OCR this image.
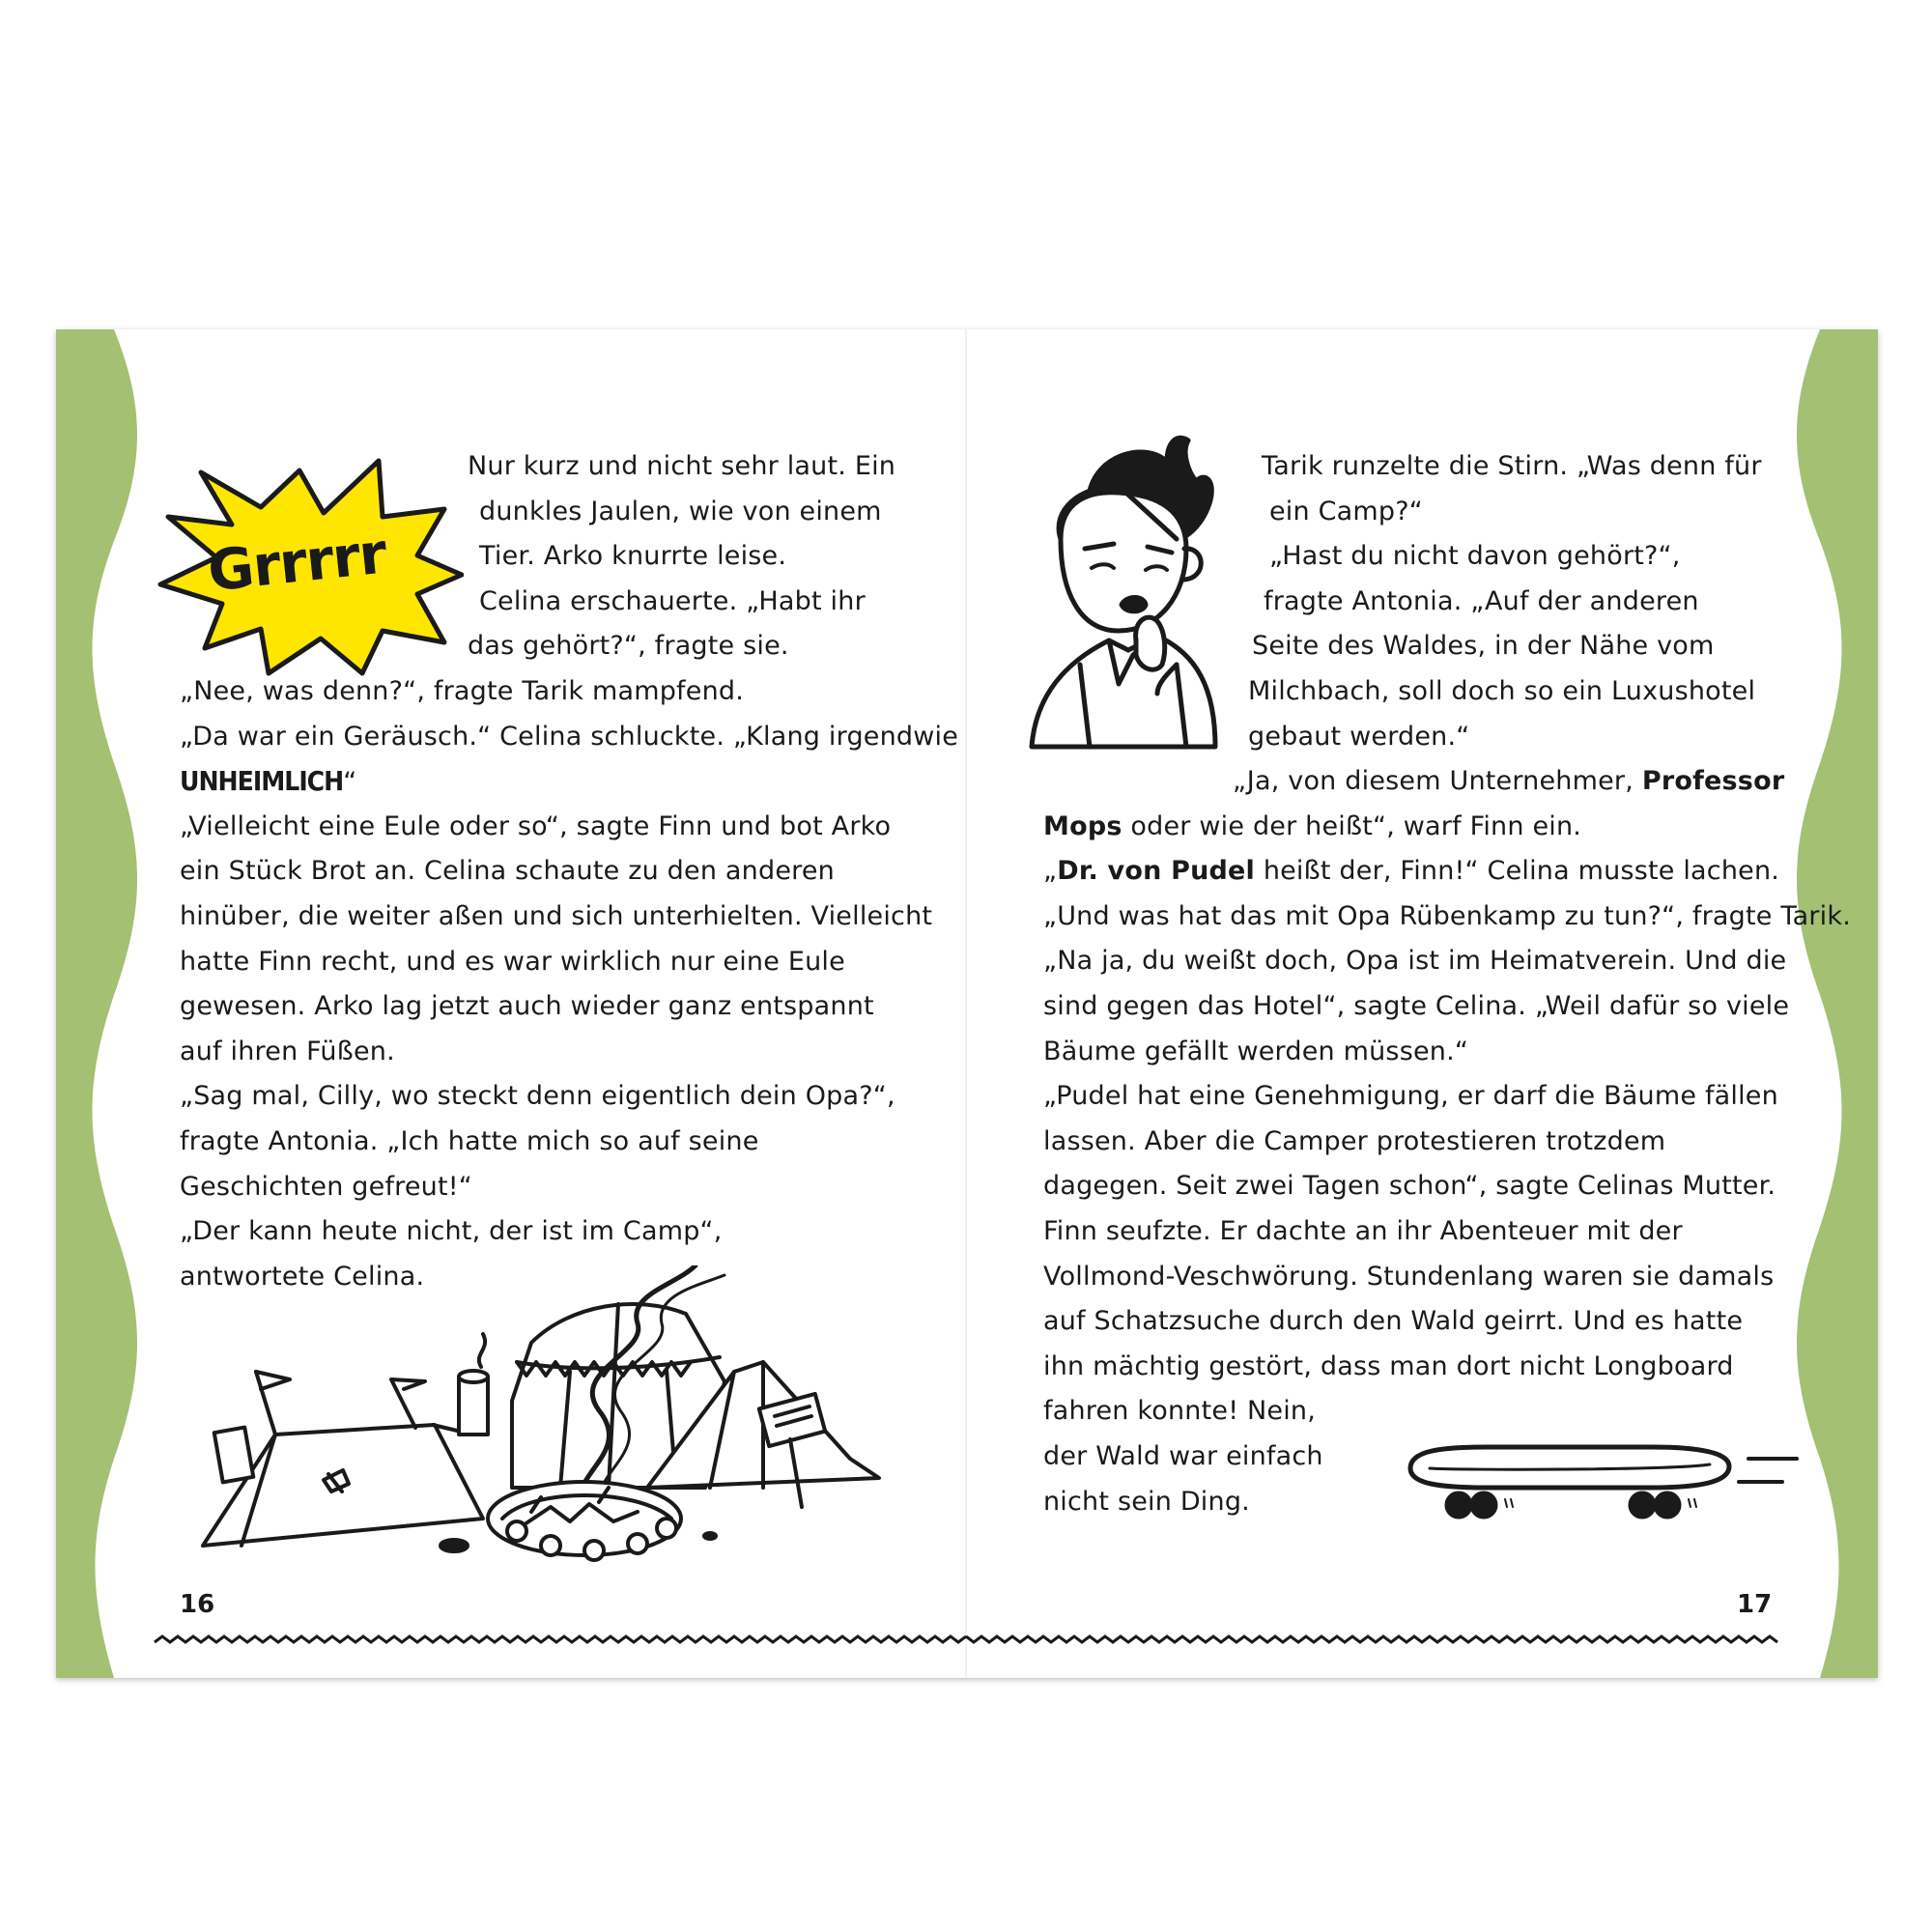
Grrrrr
Nur kurz und nicht sehr laut. Ein
dunkles Jaulen, wie von einem
Tier. Arko knurrte leise.
Celina erschauerte. „Habt ihr
das gehört?“, fragte sie.
„Nee, was denn?“, fragte Tarik mampfend.
„Da war ein Geräusch.“ Celina schluckte. „Klang irgendwie
UNHEIMLICH“
„Vielleicht eine Eule oder so“, sagte Finn und bot Arko
ein Stück Brot an. Celina schaute zu den anderen
hinüber, die weiter aßen und sich unterhielten. Vielleicht
hatte Finn recht, und es war wirklich nur eine Eule
gewesen. Arko lag jetzt auch wieder ganz entspannt
auf ihren Füßen.
„Sag mal, Cilly, wo steckt denn eigentlich dein Opa?“,
fragte Antonia. „Ich hatte mich so auf seine
Geschichten gefreut!“
„Der kann heute nicht, der ist im Camp“,
antwortete Celina.
16
Tarik runzelte die Stirn. „Was denn für
ein Camp?“
„Hast du nicht davon gehört?“,
fragte Antonia. „Auf der anderen
Seite des Waldes, in der Nähe vom
Milchbach, soll doch so ein Luxushotel
gebaut werden.“
„Ja, von diesem Unternehmer, Professor
Mops oder wie der heißt“, warf Finn ein.
„Dr. von Pudel heißt der, Finn!“ Celina musste lachen.
„Und was hat das mit Opa Rübenkamp zu tun?“, fragte Tarik.
„Na ja, du weißt doch, Opa ist im Heimatverein. Und die
sind gegen das Hotel“, sagte Celina. „Weil dafür so viele
Bäume gefällt werden müssen.“
„Pudel hat eine Genehmigung, er darf die Bäume fällen
lassen. Aber die Camper protestieren trotzdem
dagegen. Seit zwei Tagen schon“, sagte Celinas Mutter.
Finn seufzte. Er dachte an ihr Abenteuer mit der
Vollmond-Veschwörung. Stundenlang waren sie damals
auf Schatzsuche durch den Wald geirrt. Und es hatte
ihn mächtig gestört, dass man dort nicht Longboard
fahren konnte! Nein,
der Wald war einfach
nicht sein Ding.
17
